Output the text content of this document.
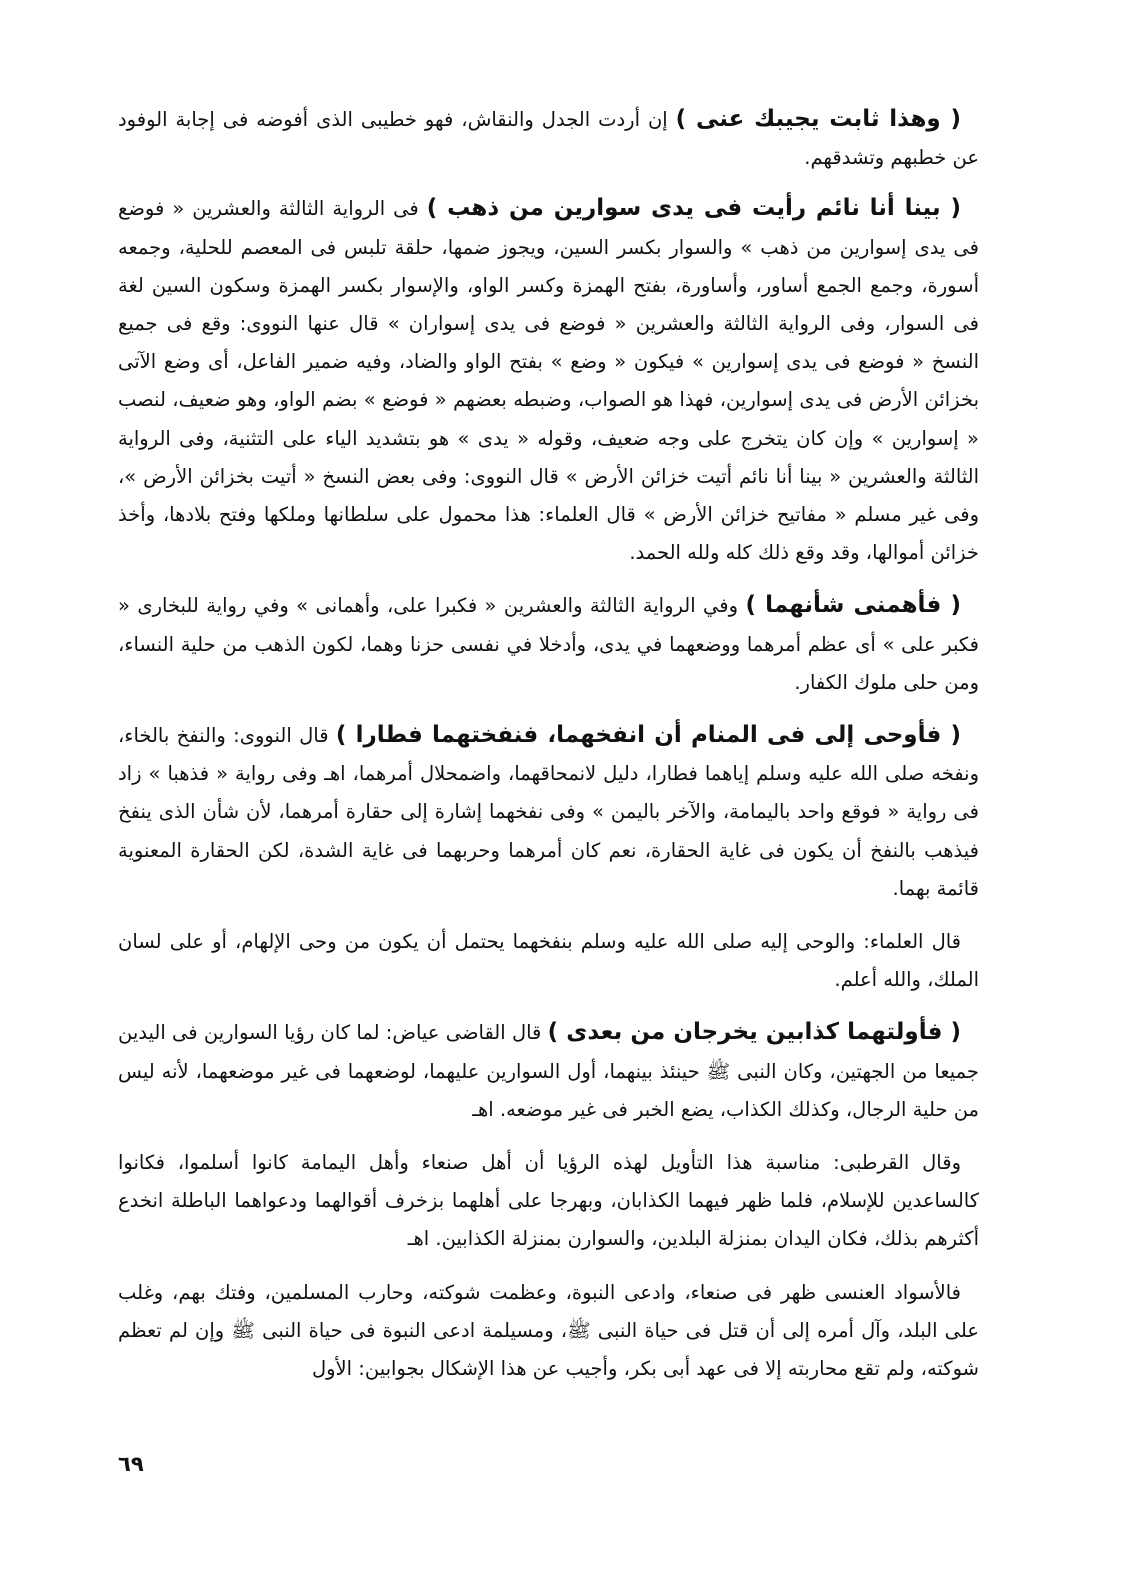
( وهذا ثابت يجيبك عنى ) إن أردت الجدل والنقاش، فهو خطيبى الذى أفوضه فى إجابة الوفود عن خطبهم وتشدقهم.

( بينا أنا نائم رأيت فى يدى سوارين من ذهب ) فى الرواية الثالثة والعشرين « فوضع فى يدى إسوارين من ذهب » والسوار بكسر السين، ويجوز ضمها، حلقة تلبس فى المعصم للحلية، وجمعه أسورة، وجمع الجمع أساور، وأساورة، بفتح الهمزة وكسر الواو، والإسوار بكسر الهمزة وسكون السين لغة فى السوار، وفى الرواية الثالثة والعشرين « فوضع فى يدى إسواران » قال عنها النووى: وقع فى جميع النسخ « فوضع فى يدى إسوارين » فيكون « وضع » بفتح الواو والضاد، وفيه ضمير الفاعل، أى وضع الآتى بخزائن الأرض فى يدى إسوارين، فهذا هو الصواب، وضبطه بعضهم « فوضع » بضم الواو، وهو ضعيف، لنصب « إسوارين » وإن كان يتخرج على وجه ضعيف، وقوله « يدى » هو بتشديد الياء على التثنية، وفى الرواية الثالثة والعشرين « بينا أنا نائم أتيت خزائن الأرض » قال النووى: وفى بعض النسخ « أتيت بخزائن الأرض »، وفى غير مسلم « مفاتيح خزائن الأرض » قال العلماء: هذا محمول على سلطانها وملكها وفتح بلادها، وأخذ خزائن أموالها، وقد وقع ذلك كله ولله الحمد.

( فأهمنى شأنهما ) وفي الرواية الثالثة والعشرين « فكبرا على، وأهمانى » وفي رواية للبخارى « فكبر على » أى عظم أمرهما ووضعهما في يدى، وأدخلا في نفسى حزنا وهما، لكون الذهب من حلية النساء، ومن حلى ملوك الكفار.

( فأوحى إلى فى المنام أن انفخهما، فنفختهما فطارا ) قال النووى: والنفخ بالخاء، ونفخه صلى الله عليه وسلم إياهما فطارا، دليل لانمحاقهما، واضمحلال أمرهما، اهـ وفى رواية « فذهبا » زاد فى رواية « فوقع واحد باليمامة، والآخر باليمن » وفى نفخهما إشارة إلى حقارة أمرهما، لأن شأن الذى ينفخ فيذهب بالنفخ أن يكون فى غاية الحقارة، نعم كان أمرهما وحربهما فى غاية الشدة، لكن الحقارة المعنوية قائمة بهما.

قال العلماء: والوحى إليه صلى الله عليه وسلم بنفخهما يحتمل أن يكون من وحى الإلهام، أو على لسان الملك، والله أعلم.

( فأولتهما كذابين يخرجان من بعدى ) قال القاضى عياض: لما كان رؤيا السوارين فى اليدين جميعا من الجهتين، وكان النبى ﷺ حينئذ بينهما، أول السوارين عليهما، لوضعهما فى غير موضعهما، لأنه ليس من حلية الرجال، وكذلك الكذاب، يضع الخبر فى غير موضعه. اهـ

وقال القرطبى: مناسبة هذا التأويل لهذه الرؤيا أن أهل صنعاء وأهل اليمامة كانوا أسلموا، فكانوا كالساعدين للإسلام، فلما ظهر فيهما الكذابان، وبهرجا على أهلهما بزخرف أقوالهما ودعواهما الباطلة انخدع أكثرهم بذلك، فكان اليدان بمنزلة البلدين، والسوارن بمنزلة الكذابين. اهـ

فالأسواد العنسى ظهر فى صنعاء، وادعى النبوة، وعظمت شوكته، وحارب المسلمين، وفتك بهم، وغلب على البلد، وآل أمره إلى أن قتل فى حياة النبى ﷺ، ومسيلمة ادعى النبوة فى حياة النبى ﷺ وإن لم تعظم شوكته، ولم تقع محاربته إلا فى عهد أبى بكر، وأجيب عن هذا الإشكال بجوابين: الأول

٦٩
